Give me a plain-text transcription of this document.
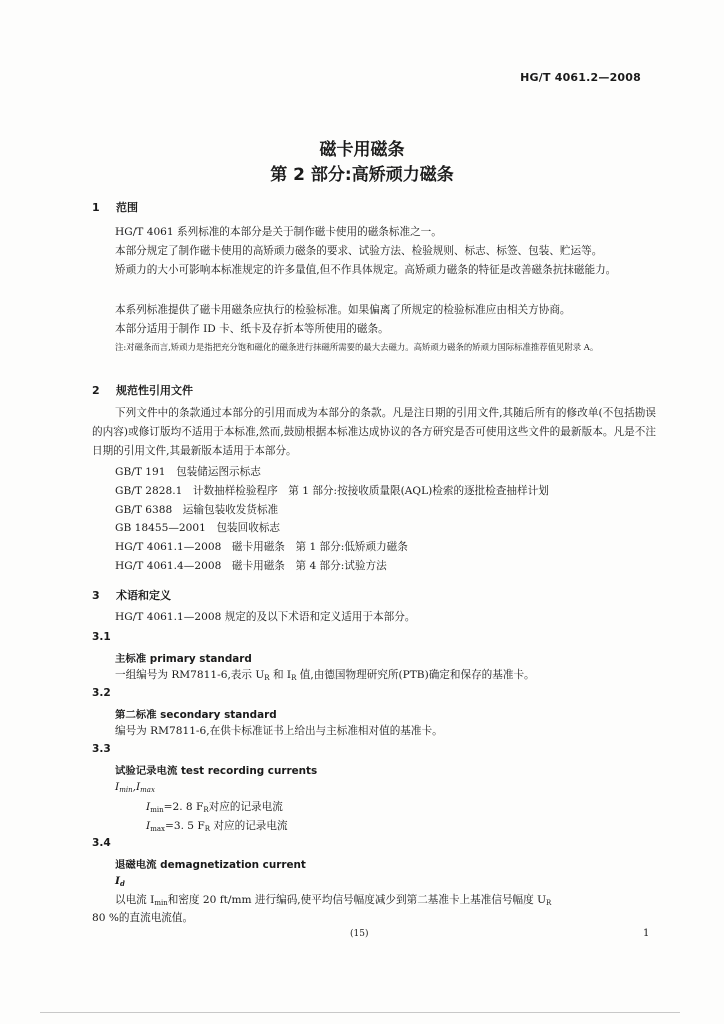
HG/T 4061.2—2008
磁卡用磁条
第 2 部分:高矫顽力磁条
1 范围
HG/T 4061 系列标准的本部分是关于制作磁卡使用的磁条标准之一。
本部分规定了制作磁卡使用的高矫顽力磁条的要求、试验方法、检验规则、标志、标签、包装、贮运等。
矫顽力的大小可影响本标准规定的许多量值,但不作具体规定。高矫顽力磁条的特征是改善磁条抗抹磁能力。
本系列标准提供了磁卡用磁条应执行的检验标准。如果偏离了所规定的检验标准应由相关方协商。
本部分适用于制作 ID 卡、纸卡及存折本等所使用的磁条。
注:对磁条而言,矫顽力是指把充分饱和磁化的磁条进行抹磁所需要的最大去磁力。高矫顽力磁条的矫顽力国际标准推荐值见附录 A。
2 规范性引用文件
下列文件中的条款通过本部分的引用而成为本部分的条款。凡是注日期的引用文件,其随后所有的修改单(不包括勘误的内容)或修订版均不适用于本标准,然而,鼓励根据本标准达成协议的各方研究是否可使用这些文件的最新版本。凡是不注日期的引用文件,其最新版本适用于本部分。
GB/T 191　包装储运图示标志
GB/T 2828.1　计数抽样检验程序　第 1 部分:按接收质量限(AQL)检索的逐批检查抽样计划
GB/T 6388　运输包装收发货标准
GB 18455—2001　包装回收标志
HG/T 4061.1—2008　磁卡用磁条　第 1 部分:低矫顽力磁条
HG/T 4061.4—2008　磁卡用磁条　第 4 部分:试验方法
3 术语和定义
HG/T 4061.1—2008 规定的及以下术语和定义适用于本部分。
3.1
主标准 primary standard
一组编号为 RM7811-6,表示 $U_R$ 和 $I_R$ 值,由德国物理研究所(PTB)确定和保存的基准卡。
3.2
第二标准 secondary standard
编号为 RM7811-6,在供卡标准证书上给出与主标准相对值的基准卡。
3.3
试验记录电流 test recording currents
$I_{min},I_{max}$
$I_{min}=2$. 8 $F_R$对应的记录电流
$I_{max}=3$. 5 $F_R$ 对应的记录电流
3.4
退磁电流 demagnetization current
$I_d$
以电流 $I_{min}$和密度 20 ft/mm 进行编码,使平均信号幅度减少到第二基准卡上基准信号幅度 $U_R$
80 %的直流电流值。
(15)	1
